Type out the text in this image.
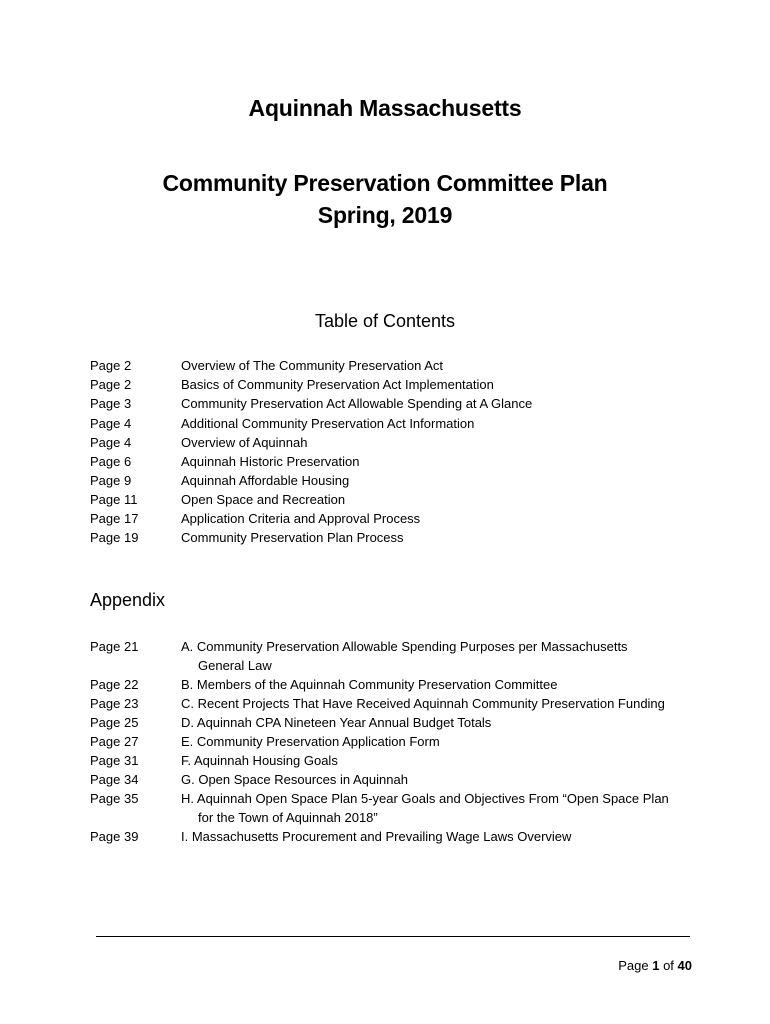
Aquinnah Massachusetts
Community Preservation Committee Plan
Spring, 2019
Table of Contents
Page 2	Overview of The Community Preservation Act
Page 2	Basics of Community Preservation Act Implementation
Page 3	Community Preservation Act Allowable Spending at A Glance
Page 4	Additional Community Preservation Act Information
Page 4	Overview of Aquinnah
Page 6	Aquinnah Historic Preservation
Page 9	Aquinnah Affordable Housing
Page 11	Open Space and Recreation
Page 17	Application Criteria and Approval Process
Page 19	Community Preservation Plan Process
Appendix
Page 21	A. Community Preservation Allowable Spending Purposes per Massachusetts
General Law
Page 22	B. Members of the Aquinnah Community Preservation Committee
Page 23	C. Recent Projects That Have Received Aquinnah Community Preservation Funding
Page 25	D. Aquinnah CPA Nineteen Year Annual Budget Totals
Page 27	E. Community Preservation Application Form
Page 31	F. Aquinnah Housing Goals
Page 34	G. Open Space Resources in Aquinnah
Page 35	H. Aquinnah Open Space Plan 5-year Goals and Objectives From “Open Space Plan
for the Town of Aquinnah 2018”
Page 39	I. Massachusetts Procurement and Prevailing Wage Laws Overview
Page 1 of 40
